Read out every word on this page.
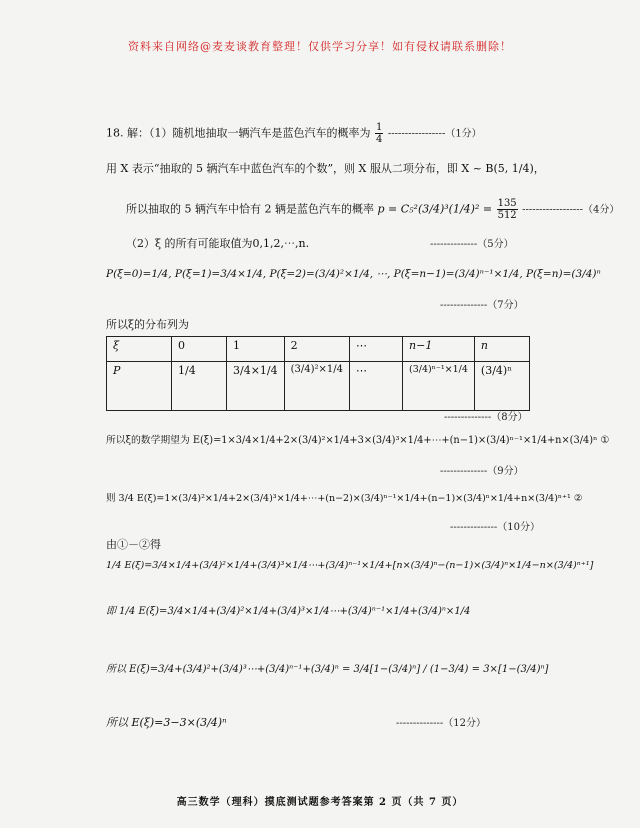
资料来自网络@麦麦谈教育整理！仅供学习分享！如有侵权请联系删除！
18. 解：（1）随机地抽取一辆汽车是蓝色汽车的概率为 $\frac{1}{4} -----------------(1$分）
用 X 表示“抽取的 5 辆汽车中蓝色汽车的个数”，则 X 服从二项分布，即 X ~ B(5, 1/4)，
所以抽取的 5 辆汽车中恰有 2 辆是蓝色汽车的概率 $p = C_5^2(3/4)^3(1/4)^2 = \frac{135}{512} ------------------(4$分）
（2）ξ 的所有可能取值为0,1,2,⋯,n.	--------------（5分）
P(ξ=0)=1/4, P(ξ=1)=3/4×1/4, P(ξ=2)=(3/4)²×1/4, ⋯, P(ξ=n−1)=(3/4)ⁿ⁻¹×1/4, P(ξ=n)=(3/4)ⁿ
--------------（7分）
所以ξ的分布列为
ξ	0	1	2	⋯	n−1	n
P	1/4	3/4×1/4	(3/4)²×1/4	⋯	(3/4)ⁿ⁻¹×1/4	(3/4)ⁿ
--------------（8分）
所以ξ的数学期望为 E(ξ)=1×3/4×1/4+2×(3/4)²×1/4+3×(3/4)³×1/4+⋯+(n−1)×(3/4)ⁿ⁻¹×1/4+n×(3/4)ⁿ ①
--------------（9分）
则 3/4 E(ξ)=1×(3/4)²×1/4+2×(3/4)³×1/4+⋯+(n−2)×(3/4)ⁿ⁻¹×1/4+(n−1)×(3/4)ⁿ×1/4+n×(3/4)ⁿ⁺¹ ②
--------------（10分）
由①－②得
1/4 E(ξ)=3/4×1/4+(3/4)²×1/4+(3/4)³×1/4⋯+(3/4)ⁿ⁻¹×1/4+[n×(3/4)ⁿ−(n−1)×(3/4)ⁿ×1/4−n×(3/4)ⁿ⁺¹]
即 1/4 E(ξ)=3/4×1/4+(3/4)²×1/4+(3/4)³×1/4⋯+(3/4)ⁿ⁻¹×1/4+(3/4)ⁿ×1/4
所以 E(ξ)=3/4+(3/4)²+(3/4)³⋯+(3/4)ⁿ⁻¹+(3/4)ⁿ = 3/4[1−(3/4)ⁿ] / (1−3/4) = 3×[1−(3/4)ⁿ]
所以 E(ξ)=3−3×(3/4)ⁿ	--------------（12分）
高三数学（理科）摸底测试题参考答案第 2 页（共 7 页）
